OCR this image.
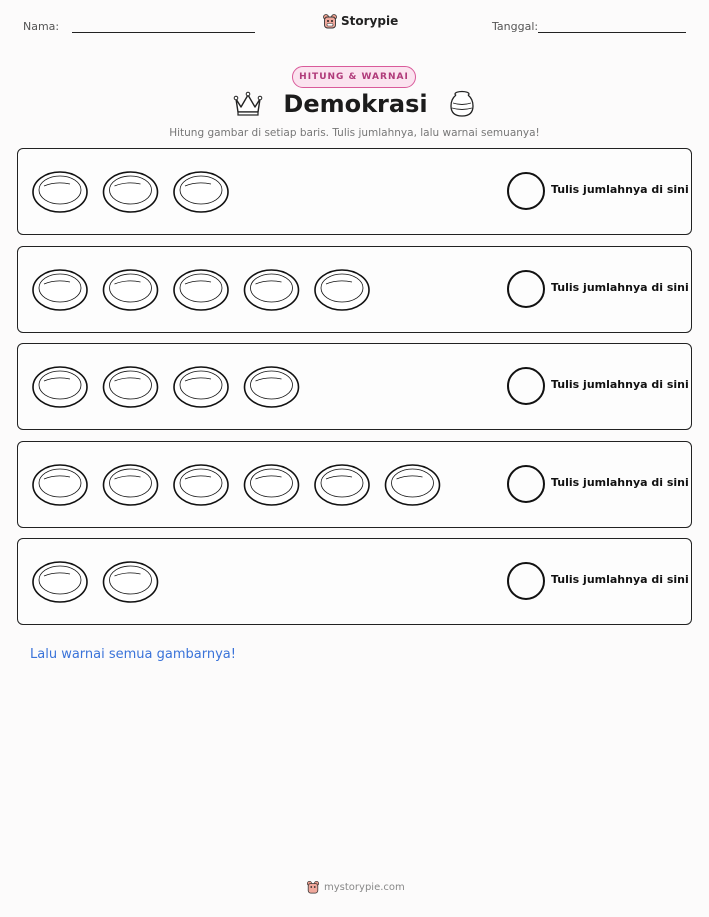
Nama:	Storypie	Tanggal:
HITUNG & WARNAI
Demokrasi
Hitung gambar di setiap baris. Tulis jumlahnya, lalu warnai semuanya!
Tulis jumlahnya di sini
Tulis jumlahnya di sini
Tulis jumlahnya di sini
Tulis jumlahnya di sini
Tulis jumlahnya di sini
Lalu warnai semua gambarnya!
mystorypie.com
